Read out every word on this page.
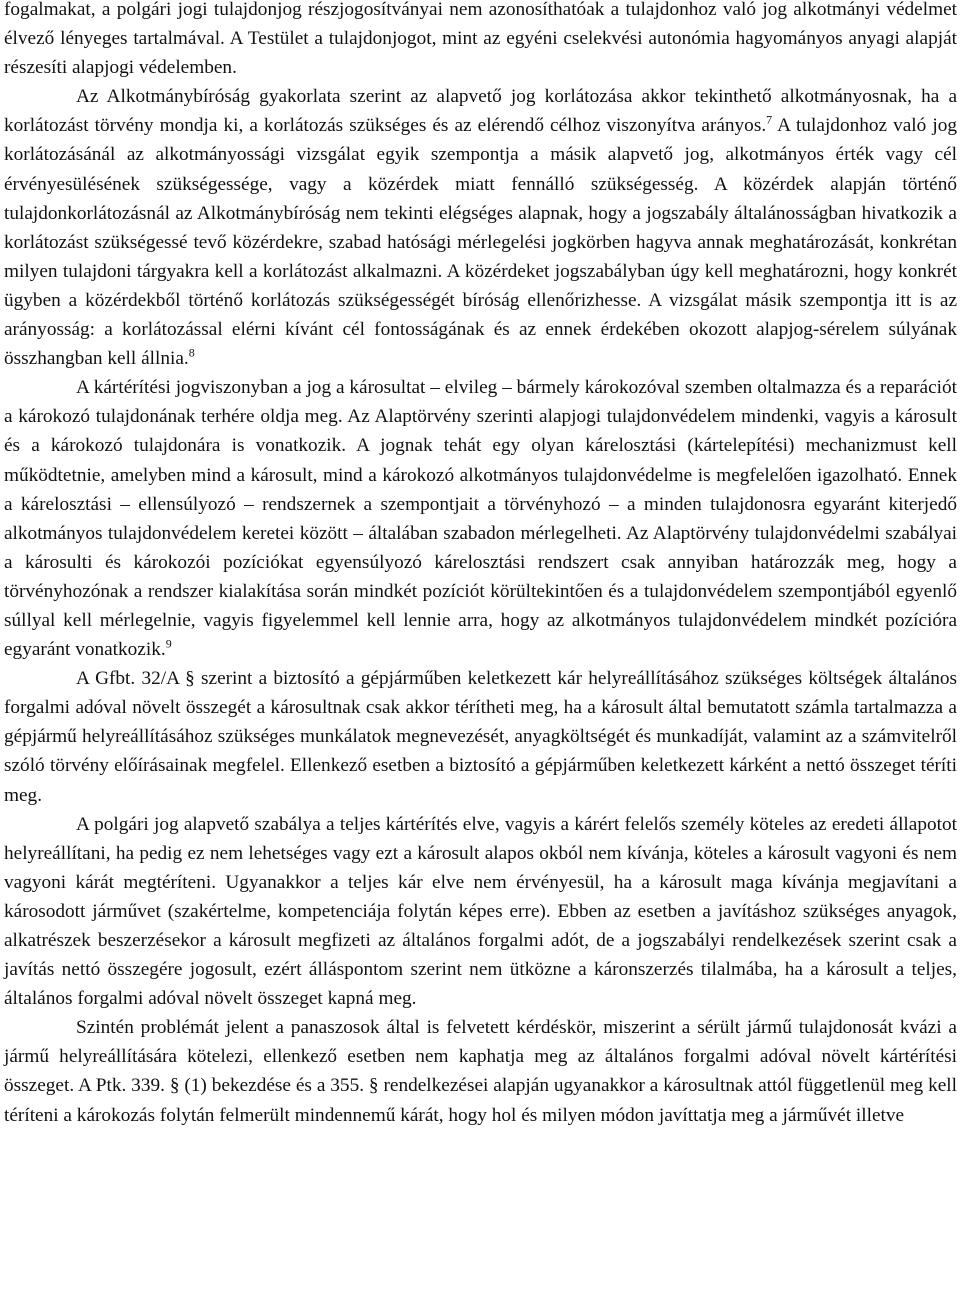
fogalmakat, a polgári jogi tulajdonjog részjogosítványai nem azonosíthatóak a tulajdonhoz való jog alkotmányi védelmet élvező lényeges tartalmával. A Testület a tulajdonjogot, mint az egyéni cselekvési autonómia hagyományos anyagi alapját részesíti alapjogi védelemben.

Az Alkotmánybíróság gyakorlata szerint az alapvető jog korlátozása akkor tekinthető alkotmányosnak, ha a korlátozást törvény mondja ki, a korlátozás szükséges és az elérendő célhoz viszonyítva arányos.$^7$ A tulajdonhoz való jog korlátozásánál az alkotmányossági vizsgálat egyik szempontja a másik alapvető jog, alkotmányos érték vagy cél érvényesülésének szükségessége, vagy a közérdek miatt fennálló szükségesség. A közérdek alapján történő tulajdonkorlátozásnál az Alkotmánybíróság nem tekinti elégséges alapnak, hogy a jogszabály általánosságban hivatkozik a korlátozást szükségessé tevő közérdekre, szabad hatósági mérlegelési jogkörben hagyva annak meghatározását, konkrétan milyen tulajdoni tárgyakra kell a korlátozást alkalmazni. A közérdeket jogszabályban úgy kell meghatározni, hogy konkrét ügyben a közérdekből történő korlátozás szükségességét bíróság ellenőrizhesse. A vizsgálat másik szempontja itt is az arányosság: a korlátozással elérni kívánt cél fontosságának és az ennek érdekében okozott alapjog-sérelem súlyának összhangban kell állnia.$^8$

A kártérítési jogviszonyban a jog a károsultat – elvileg – bármely károkozóval szemben oltalmazza és a reparációt a károkozó tulajdonának terhére oldja meg. Az Alaptörvény szerinti alapjogi tulajdonvédelem mindenki, vagyis a károsult és a károkozó tulajdonára is vonatkozik. A jognak tehát egy olyan kárelosztási (kártelepítési) mechanizmust kell működtetnie, amelyben mind a károsult, mind a károkozó alkotmányos tulajdonvédelme is megfelelően igazolható. Ennek a kárelosztási – ellensúlyozó – rendszernek a szempontjait a törvényhozó – a minden tulajdonosra egyaránt kiterjedő alkotmányos tulajdonvédelem keretei között – általában szabadon mérlegelheti. Az Alaptörvény tulajdonvédelmi szabályai a károsulti és károkozói pozíciókat egyensúlyozó kárelosztási rendszert csak annyiban határozzák meg, hogy a törvényhozónak a rendszer kialakítása során mindkét pozíciót körültekintően és a tulajdonvédelem szempontjából egyenlő súllyal kell mérlegelnie, vagyis figyelemmel kell lennie arra, hogy az alkotmányos tulajdonvédelem mindkét pozícióra egyaránt vonatkozik.$^9$

A Gfbt. 32/A § szerint a biztosító a gépjárműben keletkezett kár helyreállításához szükséges költségek általános forgalmi adóval növelt összegét a károsultnak csak akkor térítheti meg, ha a károsult által bemutatott számla tartalmazza a gépjármű helyreállításához szükséges munkálatok megnevezését, anyagköltségét és munkadíját, valamint az a számvitelről szóló törvény előírásainak megfelel. Ellenkező esetben a biztosító a gépjárműben keletkezett kárként a nettó összeget téríti meg.

A polgári jog alapvető szabálya a teljes kártérítés elve, vagyis a kárért felelős személy köteles az eredeti állapotot helyreállítani, ha pedig ez nem lehetséges vagy ezt a károsult alapos okból nem kívánja, köteles a károsult vagyoni és nem vagyoni kárát megtéríteni. Ugyanakkor a teljes kár elve nem érvényesül, ha a károsult maga kívánja megjavítani a károsodott járművet (szakértelme, kompetenciája folytán képes erre). Ebben az esetben a javításhoz szükséges anyagok, alkatrészek beszerzésekor a károsult megfizeti az általános forgalmi adót, de a jogszabályi rendelkezések szerint csak a javítás nettó összegére jogosult, ezért álláspontom szerint nem ütközne a káronszerzés tilalmába, ha a károsult a teljes, általános forgalmi adóval növelt összeget kapná meg.

Szintén problémát jelent a panaszosok által is felvetett kérdéskör, miszerint a sérült jármű tulajdonosát kvázi a jármű helyreállítására kötelezi, ellenkező esetben nem kaphatja meg az általános forgalmi adóval növelt kártérítési összeget. A Ptk. 339. § (1) bekezdése és a 355. § rendelkezései alapján ugyanakkor a károsultnak attól függetlenül meg kell téríteni a károkozás folytán felmerült mindennemű kárát, hogy hol és milyen módon javíttatja meg a járművét illetve
